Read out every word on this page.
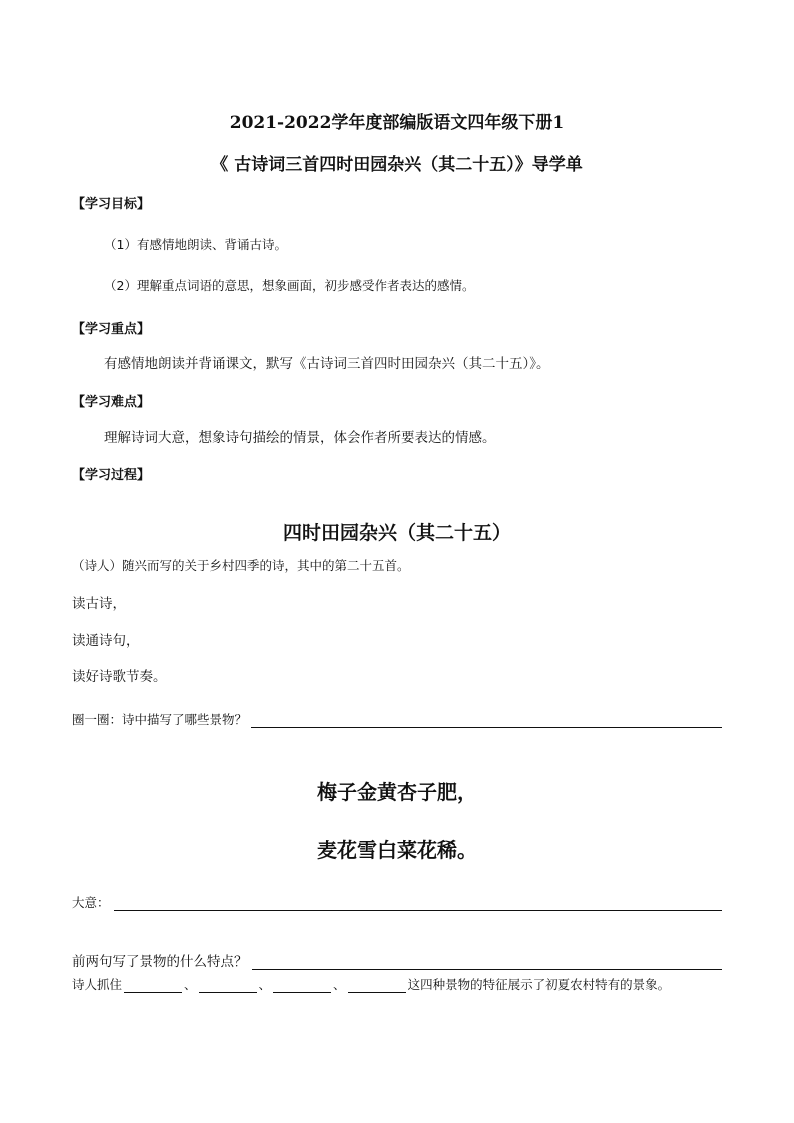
2021-2022学年度部编版语文四年级下册1
《 古诗词三首四时田园杂兴（其二十五）》导学单
【学习目标】
（1）有感情地朗读、背诵古诗。
（2）理解重点词语的意思，想象画面，初步感受作者表达的感情。
【学习重点】
有感情地朗读并背诵课文，默写《古诗词三首四时田园杂兴（其二十五）》。
【学习难点】
理解诗词大意，想象诗句描绘的情景，体会作者所要表达的情感。
【学习过程】
四时田园杂兴（其二十五）
（诗人）随兴而写的关于乡村四季的诗，其中的第二十五首。
读古诗，
读通诗句，
读好诗歌节奏。
圈一圈：诗中描写了哪些景物？
梅子金黄杏子肥，
麦花雪白菜花稀。
大意：
前两句写了景物的什么特点？
诗人抓住	、	、	、	这四种景物的特征展示了初夏农村特有的景象。
